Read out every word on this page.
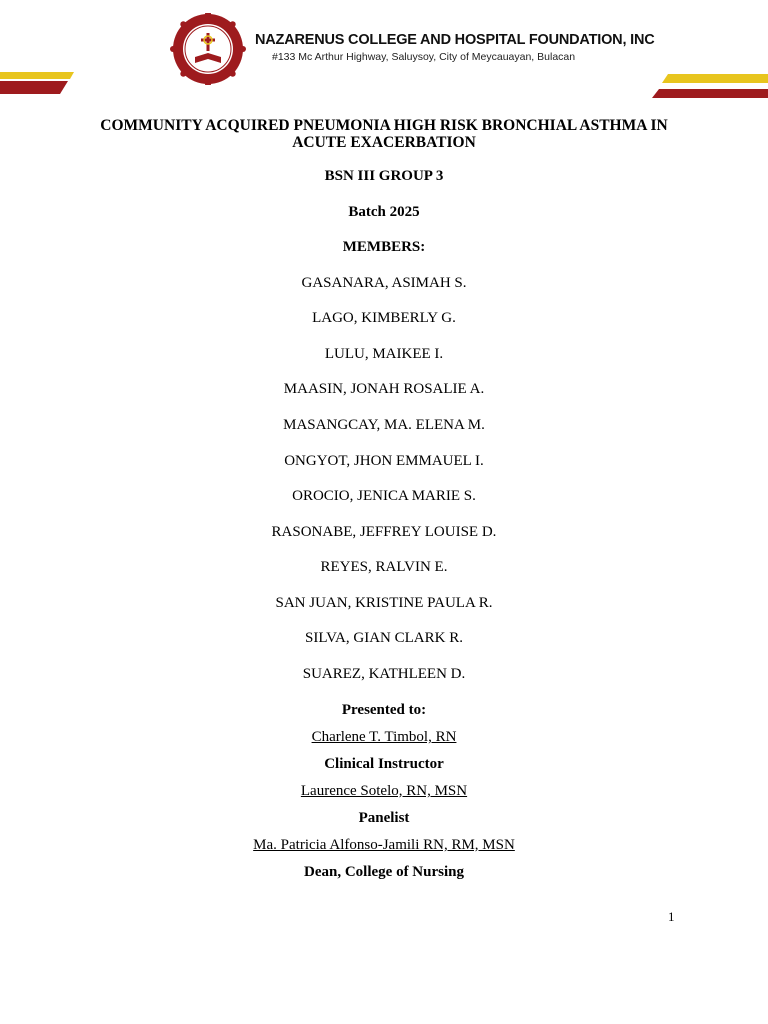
NAZARENUS COLLEGE AND HOSPITAL FOUNDATION, INC
#133 Mc Arthur Highway, Saluysoy, City of Meycauayan, Bulacan
COMMUNITY ACQUIRED PNEUMONIA HIGH RISK BRONCHIAL ASTHMA IN
ACUTE EXACERBATION
BSN III GROUP 3
Batch 2025
MEMBERS:
GASANARA, ASIMAH S.
LAGO, KIMBERLY G.
LULU, MAIKEE I.
MAASIN, JONAH ROSALIE A.
MASANGCAY, MA. ELENA M.
ONGYOT, JHON EMMAUEL I.
OROCIO, JENICA MARIE S.
RASONABE, JEFFREY LOUISE D.
REYES, RALVIN E.
SAN JUAN, KRISTINE PAULA R.
SILVA, GIAN CLARK R.
SUAREZ, KATHLEEN D.
Presented to:
Charlene T. Timbol, RN
Clinical Instructor
Laurence Sotelo, RN, MSN
Panelist
Ma. Patricia Alfonso-Jamili RN, RM, MSN
Dean, College of Nursing
1
